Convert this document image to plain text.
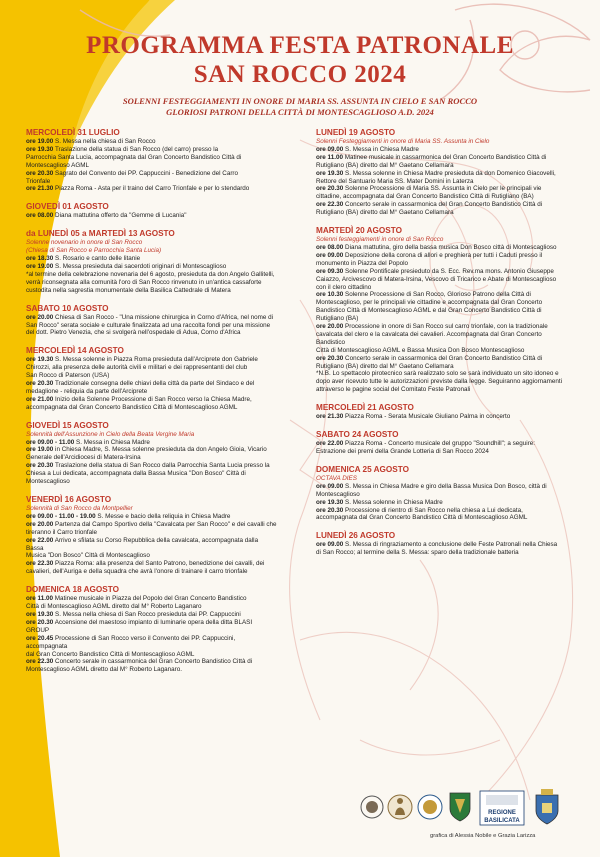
PROGRAMMA FESTA PATRONALE
SAN ROCCO 2024
SOLENNI FESTEGGIAMENTI IN ONORE DI MARIA SS. ASSUNTA IN CIELO E SAN ROCCO
GLORIOSI PATRONI DELLA CITTÀ DI MONTESCAGLIOSO A.D. 2024
MERCOLEDÌ 31 LUGLIO
ore 19.00 S. Messa nella chiesa di San Rocco
ore 19.30 Traslazione della statua di San Rocco (del carro) presso la
Parrocchia Santa Lucia, accompagnata dal Gran Concerto Bandistico Città di
Montescaglioso AGML
ore 20.30 Sagrato del Convento dei PP. Cappuccini - Benedizione del Carro
Trionfale
ore 21.30 Piazza Roma - Asta per il traino del Carro Trionfale e per lo stendardo
GIOVEDÌ 01 AGOSTO
ore 08.00 Diana mattutina offerto da "Gemme di Lucania"
da LUNEDÌ 05 a MARTEDÌ 13 AGOSTO
Solenne novenario in onore di San Rocco
(Chiesa di San Rocco e Parrocchia Santa Lucia)
ore 18.30 S. Rosario e canto delle litanie
ore 19.00 S. Messa presieduta dai sacerdoti originari di Montescaglioso
*al termine della celebrazione novenaria del 6 agosto, presieduta da don Angelo Gallitelli,
verrà riconsegnata alla comunità l'oro di San Rocco rinvenuto in un'antica cassaforte
custodita nella sagrestia monumentale della Basilica Cattedrale di Matera
SABATO 10 AGOSTO
ore 20.00 Chiesa di San Rocco - "Una missione chirurgica in Corno d'Africa, nel nome di
San Rocco" serata sociale e culturale finalizzata ad una raccolta fondi per una missione
del dott. Pietro Venezia, che si svolgerà nell'ospedale di Adua, Corno d'Africa
MERCOLEDÌ 14 AGOSTO
ore 19.30 S. Messa solenne in Piazza Roma presieduta dall'Arciprete don Gabriele
Chirozzi, alla presenza delle autorità civili e militari e dei rappresentanti del club
San Rocco di Paterson (USA)
ore 20.30 Tradizionale consegna delle chiavi della città da parte del Sindaco e del
medaglione - reliquia da parte dell'Arciprete
ore 21.00 Inizio della Solenne Processione di San Rocco verso la Chiesa Madre,
accompagnata dal Gran Concerto Bandistico Città di Montescaglioso AGML
GIOVEDÌ 15 AGOSTO
Solennità dell'Assunzione in Cielo della Beata Vergine Maria
ore 09.00 - 11.00 S. Messa in Chiesa Madre
ore 19.00 in Chiesa Madre, S. Messa solenne presieduta da don Angelo Gioia, Vicario
Generale dell'Arcidiocesi di Matera-Irsina
ore 20.30 Traslazione della statua di San Rocco dalla Parrocchia Santa Lucia presso la
Chiesa a Lui dedicata, accompagnata dalla Bassa Musica "Don Bosco" Città di
Montescaglioso
VENERDÌ 16 AGOSTO
Solennità di San Rocco da Montpellier
ore 09.00 - 11.00 - 19.00 S. Messe e bacio della reliquia in Chiesa Madre
ore 20.00 Partenza dal Campo Sportivo della "Cavalcata per San Rocco" e dei cavalli che
tireranno il Carro trionfale
ore 22.00 Arrivo e sfilata su Corso Repubblica della cavalcata, accompagnata dalla
Bassa
Musica "Don Bosco" Città di Montescaglioso
ore 22.30 Piazza Roma: alla presenza del Santo Patrono, benedizione dei cavalli, dei
cavalieri, dell'Auriga e della squadra che avrà l'onore di trainare il carro trionfale
DOMENICA 18 AGOSTO
ore 11.00 Matinee musicale in Piazza del Popolo del Gran Concerto Bandistico
Città di Montescaglioso AGML diretto dal M° Roberto Laganaro
ore 19.30 S. Messa nella chiesa di San Rocco presieduta dai PP. Cappuccini
ore 20.30 Accensione del maestoso impianto di luminarie opera della ditta BLASI
GROUP
ore 20.45 Processione di San Rocco verso il Convento dei PP. Cappuccini,
accompagnata
dal Gran Concerto Bandistico Città di Montescaglioso AGML
ore 22.30 Concerto serale in cassarmonica del Gran Concerto Bandistico Città di
Montescaglioso AGML diretto dal M° Roberto Laganaro.
LUNEDÌ 19 AGOSTO
Solenni Festeggiamenti in onore di Maria SS. Assunta in Cielo
ore 09.00 S. Messa in Chiesa Madre
ore 11.00 Matinee musicale in cassarmonica del Gran Concerto Bandistico Città di
Rutigliano (BA) diretto dal M° Gaetano Cellamara
ore 19.30 S. Messa solenne in Chiesa Madre presieduta da don Domenico Giacovelli,
Rettore del Santuario Maria SS. Mater Domini in Laterza
ore 20.30 Solenne Processione di Maria SS. Assunta in Cielo per le principali vie
cittadine, accompagnata dal Gran Concerto Bandistico Città di Rutigliano (BA)
ore 22.30 Concerto serale in cassarmonica del Gran Concerto Bandistico Città di
Rutigliano (BA) diretto dal M° Gaetano Cellamara
MARTEDÌ 20 AGOSTO
Solenni festeggiamenti in onore di San Rocco
ore 08.00 Diana mattutina, giro della bassa musica Don Bosco città di Montescaglioso
ore 09.00 Deposizione della corona di allori e preghiera per tutti i Caduti presso il
monumento in Piazza del Popolo
ore 09.30 Solenne Pontificale presieduto da S. Ecc. Rev.ma mons. Antonio Giuseppe
Caiazzo, Arcivescovo di Matera-Irsina, Vescovo di Tricarico e Abate di Montescaglioso
con il clero cittadino
ore 10.30 Solenne Processione di San Rocco, Glorioso Patrono della Città di
Montescaglioso, per le principali vie cittadine e accompagnata dal Gran Concerto
Bandistico Città di Montescaglioso AGML e dal Gran Concerto Bandistico Città di
Rutigliano (BA)
ore 20.00 Processione in onore di San Rocco sul carro trionfale, con la tradizionale
cavalcata del clero e la cavalcata dei cavalieri. Accompagnata dal Gran Concerto
Bandistico
Città di Montescaglioso AGML e Bassa Musica Don Bosco Montescaglioso
ore 20.30 Concerto serale in cassarmonica del Gran Concerto Bandistico Città di
Rutigliano (BA) diretto dal M° Gaetano Cellamara
*N.B. Lo spettacolo pirotecnico sarà realizzato solo se sarà individuato un sito idoneo e
dopo aver ricevuto tutte le autorizzazioni previste dalla legge. Seguiranno aggiornamenti
attraverso le pagine social del Comitato Feste Patronali
MERCOLEDÌ 21 AGOSTO
ore 21.30 Piazza Roma - Serata Musicale Giuliano Palma in concerto
SABATO 24 AGOSTO
ore 22.00 Piazza Roma - Concerto musicale del gruppo "Soundhill"; a seguire:
Estrazione dei premi della Grande Lotteria di San Rocco 2024
DOMENICA 25 AGOSTO
OCTAVA DIES
ore 09.00 S. Messa in Chiesa Madre e giro della Bassa Musica Don Bosco, città di
Montescaglioso
ore 19.30 S. Messa solenne in Chiesa Madre
ore 20.30 Processione di rientro di San Rocco nella chiesa a Lui dedicata,
accompagnata dal Gran Concerto Bandistico Città di Montescaglioso AGML
LUNEDÌ 26 AGOSTO
ore 09.00 S. Messa di ringraziamento a conclusione delle Feste Patronali nella Chiesa
di San Rocco; al termine della S. Messa: sparo della tradizionale batteria
REGIONE
BASILICATA
grafica di Alessia Nobile e Grazia Larizza
